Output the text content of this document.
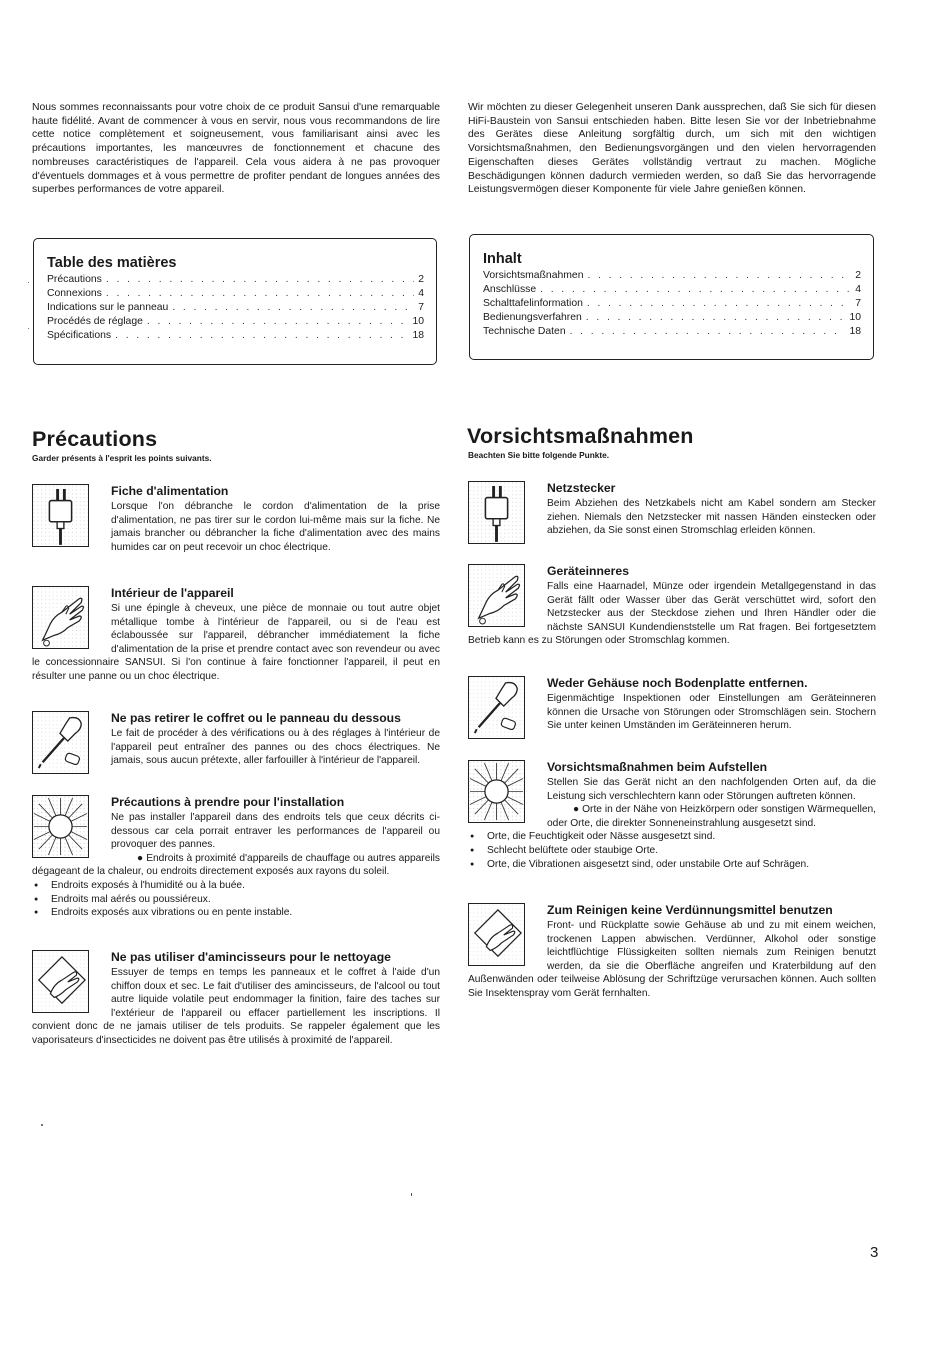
Nous sommes reconnaissants pour votre choix de ce produit Sansui d'une remarquable haute fidélité. Avant de commencer à vous en servir, nous vous recommandons de lire cette notice complètement et soigneusement, vous familiarisant ainsi avec les précautions importantes, les manœuvres de fonctionnement et chacune des nombreuses caractéristiques de l'appareil. Cela vous aidera à ne pas provoquer d'éventuels dommages et à vous permettre de profiter pendant de longues années des superbes performances de votre appareil.

Table des matières

Précautions . . .	2
Connexions . . .	4
Indications sur le panneau . . .	7
Procédés de réglage . . .	10
Spécifications . . .	18
Précautions

Garder présents à l'esprit les points suivants.

Fiche d'alimentation

Lorsque l'on débranche le cordon d'alimentation de la prise d'alimentation, ne pas tirer sur le cordon lui-même mais sur la fiche. Ne jamais brancher ou débrancher la fiche d'alimentation avec des mains humides car on peut recevoir un choc électrique.

Intérieur de l'appareil

Si une épingle à cheveux, une pièce de monnaie ou tout autre objet métallique tombe à l'intérieur de l'appareil, ou si de l'eau est éclaboussée sur l'appareil, débrancher immédiatement la fiche d'alimentation de la prise et prendre contact avec son revendeur ou avec le concessionnaire SANSUI. Si l'on continue à faire fonctionner l'appareil, il peut en résulter une panne ou un choc électrique.

Ne pas retirer le coffret ou le panneau du dessous

Le fait de procéder à des vérifications ou à des réglages à l'intérieur de l'appareil peut entraîner des pannes ou des chocs électriques. Ne jamais, sous aucun prétexte, aller farfouiller à l'intérieur de l'appareil.

Précautions à prendre pour l'installation

Ne pas installer l'appareil dans des endroits tels que ceux décrits ci-dessous car cela porrait entraver les performances de l'appareil ou provoquer des pannes.

● Endroits à proximité d'appareils de chauffage ou autres appareils dégageant de la chaleur, ou endroits directement exposés aux rayons du soleil.

● Endroits exposés à l'humidité ou à la buée.
● Endroits mal aérés ou poussiéreux.
● Endroits exposés aux vibrations ou en pente instable.

Ne pas utiliser d'amincisseurs pour le nettoyage

Essuyer de temps en temps les panneaux et le coffret à l'aide d'un chiffon doux et sec. Le fait d'utiliser des amincisseurs, de l'alcool ou tout autre liquide volatile peut endommager la finition, faire des taches sur l'extérieur de l'appareil ou effacer partiellement les inscriptions. Il convient donc de ne jamais utiliser de tels produits. Se rappeler également que les vaporisateurs d'insecticides ne doivent pas être utilisés à proximité de l'appareil.

Wir möchten zu dieser Gelegenheit unseren Dank aussprechen, daß Sie sich für diesen HiFi-Baustein von Sansui entschieden haben. Bitte lesen Sie vor der Inbetriebnahme des Gerätes diese Anleitung sorgfältig durch, um sich mit den wichtigen Vorsichtsmaßnahmen, den Bedienungsvorgängen und den vielen hervorragenden Eigenschaften dieses Gerätes vollständig vertraut zu machen. Mögliche Beschädigungen können dadurch vermieden werden, so daß Sie das hervorragende Leistungsvermögen dieser Komponente für viele Jahre genießen können.

Inhalt

Vorsichtsmaßnahmen . . .	2
Anschlüsse . . .	4
Schalttafelinformation . . .	7
Bedienungsverfahren . . .	10
Technische Daten . . .	18
Vorsichtsmaßnahmen

Beachten Sie bitte folgende Punkte.

Netzstecker

Beim Abziehen des Netzkabels nicht am Kabel sondern am Stecker ziehen. Niemals den Netzstecker mit nassen Händen einstecken oder abziehen, da Sie sonst einen Stromschlag erleiden können.

Geräteinneres

Falls eine Haarnadel, Münze oder irgendein Metallgegenstand in das Gerät fällt oder Wasser über das Gerät verschüttet wird, sofort den Netzstecker aus der Steckdose ziehen und Ihren Händler oder die nächste SANSUI Kundendienststelle um Rat fragen. Bei fortgesetztem Betrieb kann es zu Störungen oder Stromschlag kommen.

Weder Gehäuse noch Bodenplatte entfernen.

Eigenmächtige Inspektionen oder Einstellungen am Geräteinneren können die Ursache von Störungen oder Stromschlägen sein. Stochern Sie unter keinen Umständen im Geräteinneren herum.

Vorsichtsmaßnahmen beim Aufstellen

Stellen Sie das Gerät nicht an den nachfolgenden Orten auf, da die Leistung sich verschlechtern kann oder Störungen auftreten können.

● Orte in der Nähe von Heizkörpern oder sonstigen Wärmequellen, oder Orte, die direkter Sonneneinstrahlung ausgesetzt sind.

● Orte, die Feuchtigkeit oder Nässe ausgesetzt sind.
● Schlecht belüftete oder staubige Orte.
● Orte, die Vibrationen aisgesetzt sind, oder unstabile Orte auf Schrägen.

Zum Reinigen keine Verdünnungsmittel benutzen

Front- und Rückplatte sowie Gehäuse ab und zu mit einem weichen, trockenen Lappen abwischen. Verdünner, Alkohol oder sonstige leichtflüchtige Flüssigkeiten sollten niemals zum Reinigen benutzt werden, da sie die Oberfläche angreifen und Kraterbildung auf den Außenwänden oder teilweise Ablösung der Schriftzüge verursachen können. Auch sollten Sie Insektenspray vom Gerät fernhalten.

3
